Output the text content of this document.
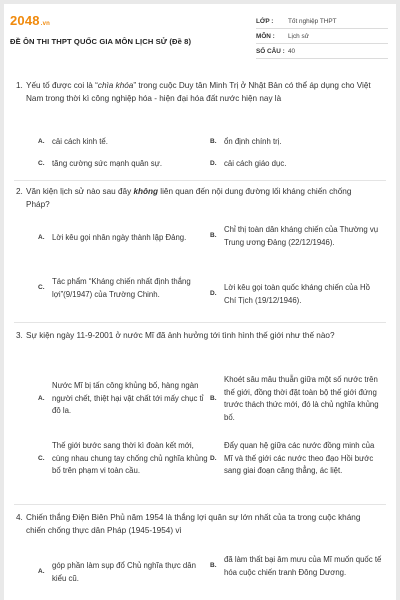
2048.vn
ĐỀ ÔN THI THPT QUỐC GIA MÔN LỊCH SỬ (Đề 8)
LỚP :	Tốt nghiệp THPT
MÔN :	Lịch sử
SỐ CÂU : 40
1. Yếu tố được coi là “chìa khóa” trong cuộc Duy tân Minh Trị ở Nhật Bản có thể áp dụng cho Việt Nam trong thời kì công nghiệp hóa - hiện đại hóa đất nước hiện nay là
A. cải cách kinh tế.	B. ổn định chính trị.
C. tăng cường sức mạnh quân sự.	D. cải cách giáo dục.
2. Văn kiện lịch sử nào sau đây không liên quan đến nội dung đường lối kháng chiến chống Pháp?
A. Lời kêu gọi nhân ngày thành lập Đảng.	B.
Chỉ thị toàn dân kháng chiến của Thường vụ Trung ương Đảng (22/12/1946).
C.
Tác phẩm “Kháng chiến nhất định thắng lợi”(9/1947) của Trường Chinh.	D.
Lời kêu gọi toàn quốc kháng chiến của Hồ Chí Tịch (19/12/1946).
3. Sự kiện ngày 11-9-2001 ở nước Mĩ đã ảnh hưởng tới tình hình thế giới như thế nào?
A.
Nước Mĩ bị tấn công khủng bố, hàng ngàn người chết, thiệt hại vật chất tới mấy chục tỉ đô la.
B.
Khoét sâu mâu thuẫn giữa một số nước trên thế giới, đồng thời đặt toàn bộ thế giới đứng trước thách thức mới, đó là chủ nghĩa khủng bố.
C.
Thế giới bước sang thời kì đoàn kết mới, cùng nhau chung tay chống chủ nghĩa khủng bố trên phạm vi toàn cầu.
D.
Đẩy quan hệ giữa các nước đồng minh của Mĩ và thế giới các nước theo đạo Hồi bước sang giai đoạn căng thẳng, ác liệt.
4. Chiến thắng Điện Biên Phủ năm 1954 là thắng lợi quân sự lớn nhất của ta trong cuộc kháng chiến chống thực dân Pháp (1945-1954) vì
A.
góp phần làm sụp đổ Chủ nghĩa thực dân kiểu cũ.
B.
đã làm thất bại âm mưu của Mĩ muốn quốc tế hóa cuộc chiến tranh Đông Dương.
